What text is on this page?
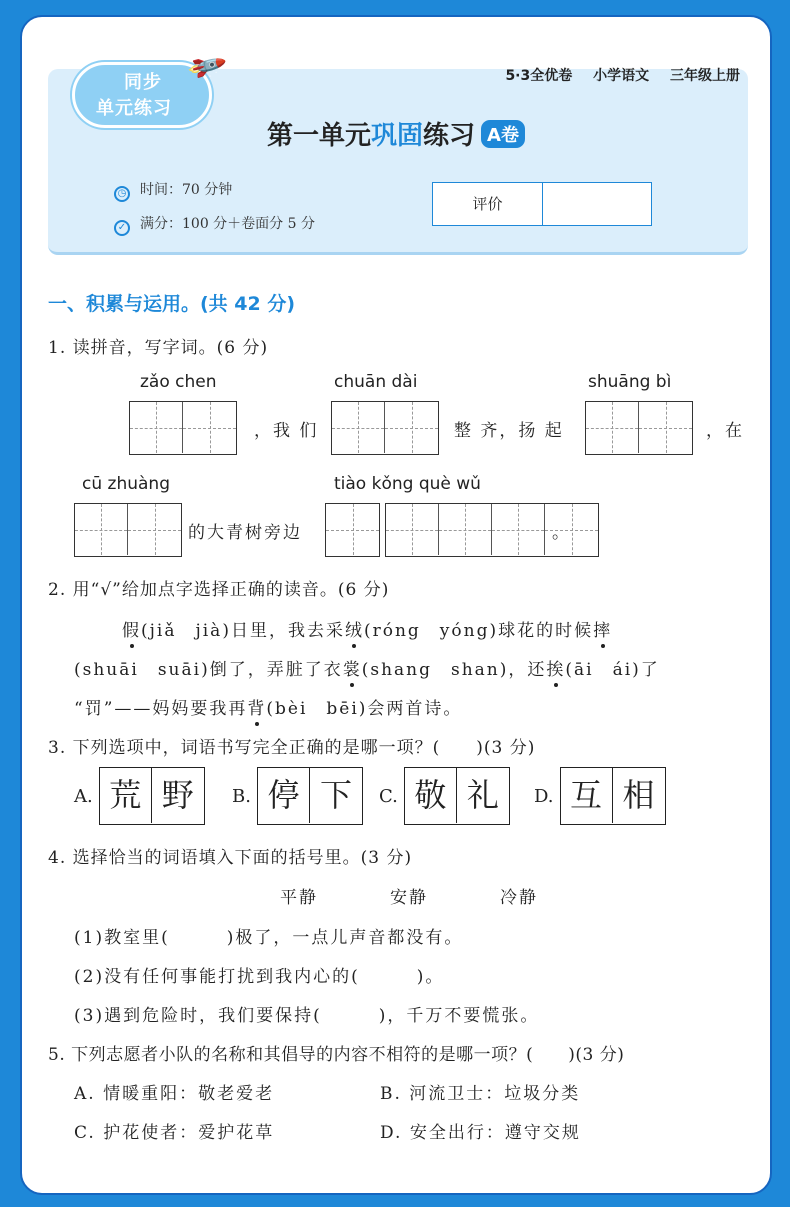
同步
单元练习
🚀	5·3全优卷 小学语文 三年级上册
第一单元巩固练习 A卷
◷ 时间：70 分钟
✓ 满分：100 分＋卷面分 5 分
评价
一、积累与运用。(共 42 分)
1. 读拼音，写字词。(6 分)
zǎo chen	chuān dài	shuāng bì
，我 们	整 齐，扬 起	，在
cū zhuàng	tiào kǒng què wǔ
的大青树旁边	。
2. 用“√”给加点字选择正确的读音。(6 分)
假(jiǎ　jià)日里，我去采绒(róng　yóng)球花的时候摔
(shuāi　suāi)倒了，弄脏了衣裳(shang　shan)，还挨(āi　ái)了
“罚”——妈妈要我再背(bèi　bēi)会两首诗。
3. 下列选项中，词语书写完全正确的是哪一项？(　　)(3 分)
A. 荒 野	B. 停 下	C. 敬 礼	D. 互 相
4. 选择恰当的词语填入下面的括号里。(3 分)
平静	安静	冷静
(1)教室里(　　　)极了，一点儿声音都没有。
(2)没有任何事能打扰到我内心的(　　　)。
(3)遇到危险时，我们要保持(　　　)，千万不要慌张。
5. 下列志愿者小队的名称和其倡导的内容不相符的是哪一项？(　　)(3 分)
A. 情暖重阳：敬老爱老	B. 河流卫士：垃圾分类
C. 护花使者：爱护花草	D. 安全出行：遵守交规
